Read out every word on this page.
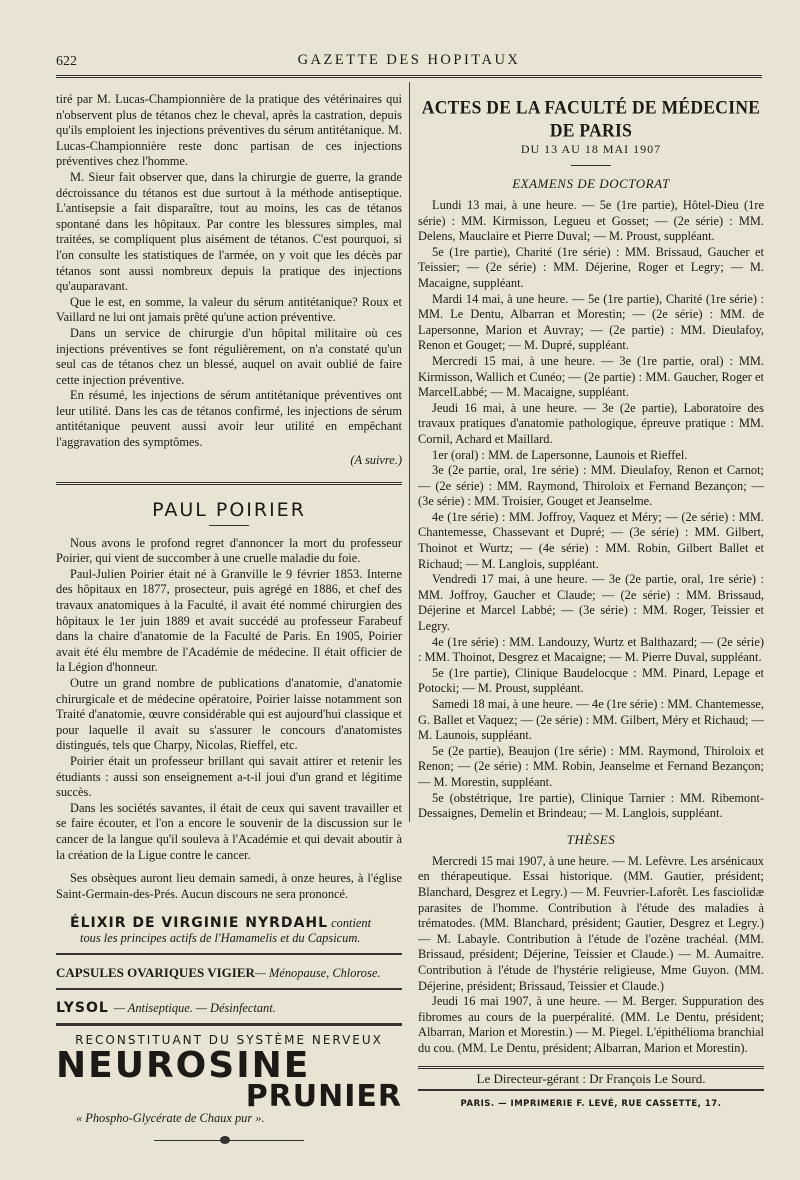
622	GAZETTE DES HOPITAUX

tiré par M. Lucas-Championnière de la pratique des vétérinaires qui n'observent plus de tétanos chez le cheval, après la castration, depuis qu'ils emploient les injections préventives du sérum antitétanique. M. Lucas-Championnière reste donc partisan de ces injections préventives chez l'homme.

M. Sieur fait observer que, dans la chirurgie de guerre, la grande décroissance du tétanos est due surtout à la méthode antiseptique. L'antisepsie a fait disparaître, tout au moins, les cas de tétanos spontané dans les hôpitaux. Par contre les blessures simples, mal traitées, se compliquent plus aisément de tétanos. C'est pourquoi, si l'on consulte les statistiques de l'armée, on y voit que les décès par tétanos sont aussi nombreux depuis la pratique des injections qu'auparavant.

Que le est, en somme, la valeur du sérum antitétanique? Roux et Vaillard ne lui ont jamais prêté qu'une action préventive.

Dans un service de chirurgie d'un hôpital militaire où ces injections préventives se font régulièrement, on n'a constaté qu'un seul cas de tétanos chez un blessé, auquel on avait oublié de faire cette injection préventive.

En résumé, les injections de sérum antitétanique préventives ont leur utilité. Dans les cas de tétanos confirmé, les injections de sérum antitétanique peuvent aussi avoir leur utilité en empêchant l'aggravation des symptômes.

(A suivre.)
PAUL POIRIER

Nous avons le profond regret d'annoncer la mort du professeur Poirier, qui vient de succomber à une cruelle maladie du foie.

Paul-Julien Poirier était né à Granville le 9 février 1853. Interne des hôpitaux en 1877, prosecteur, puis agrégé en 1886, et chef des travaux anatomiques à la Faculté, il avait été nommé chirurgien des hôpitaux le 1er juin 1889 et avait succédé au professeur Farabeuf dans la chaire d'anatomie de la Faculté de Paris. En 1905, Poirier avait été élu membre de l'Académie de médecine. Il était officier de la Légion d'honneur.

Outre un grand nombre de publications d'anatomie, d'anatomie chirurgicale et de médecine opératoire, Poirier laisse notamment son Traité d'anatomie, œuvre considérable qui est aujourd'hui classique et pour laquelle il avait su s'assurer le concours d'anatomistes distingués, tels que Charpy, Nicolas, Rieffel, etc.

Poirier était un professeur brillant qui savait attirer et retenir les étudiants : aussi son enseignement a-t-il joui d'un grand et légitime succès.

Dans les sociétés savantes, il était de ceux qui savent travailler et se faire écouter, et l'on a encore le souvenir de la discussion sur le cancer de la langue qu'il souleva à l'Académie et qui devait aboutir à la création de la Ligue contre le cancer.

Ses obsèques auront lieu demain samedi, à onze heures, à l'église Saint-Germain-des-Prés. Aucun discours ne sera prononcé.

ÉLIXIR DE VIRGINIE NYRDAHL contient
tous les principes actifs de l'Hamamelis et du Capsicum.
CAPSULES OVARIQUES VIGIER— Ménopause, Chlorose.
LYSOL — Antiseptique. — Désinfectant.
RECONSTITUANT DU SYSTÈME NERVEUX
NEUROSINE
PRUNIER
« Phospho-Glycérate de Chaux pur ».
ACTES DE LA FACULTÉ DE MÉDECINE DE PARIS
DU 13 AU 18 MAI 1907
EXAMENS DE DOCTORAT

Lundi 13 mai, à une heure. — 5e (1re partie), Hôtel-Dieu (1re série) : MM. Kirmisson, Legueu et Gosset; — (2e série) : MM. Delens, Mauclaire et Pierre Duval; — M. Proust, suppléant.

5e (1re partie), Charité (1re série) : MM. Brissaud, Gaucher et Teissier; — (2e série) : MM. Déjerine, Roger et Legry; — M. Macaigne, suppléant.

Mardi 14 mai, à une heure. — 5e (1re partie), Charité (1re série) : MM. Le Dentu, Albarran et Morestin; — (2e série) : MM. de Lapersonne, Marion et Auvray; — (2e partie) : MM. Dieulafoy, Renon et Gouget; — M. Dupré, suppléant.

Mercredi 15 mai, à une heure. — 3e (1re partie, oral) : MM. Kirmisson, Wallich et Cunéo; — (2e partie) : MM. Gaucher, Roger et MarcelLabbé; — M. Macaigne, suppléant.

Jeudi 16 mai, à une heure. — 3e (2e partie), Laboratoire des travaux pratiques d'anatomie pathologique, épreuve pratique : MM. Cornil, Achard et Maillard.

1er (oral) : MM. de Lapersonne, Launois et Rieffel.

3e (2e partie, oral, 1re série) : MM. Dieulafoy, Renon et Carnot; — (2e série) : MM. Raymond, Thiroloix et Fernand Bezançon; — (3e série) : MM. Troisier, Gouget et Jeanselme.

4e (1re série) : MM. Joffroy, Vaquez et Méry; — (2e série) : MM. Chantemesse, Chassevant et Dupré; — (3e série) : MM. Gilbert, Thoinot et Wurtz; — (4e série) : MM. Robin, Gilbert Ballet et Richaud; — M. Langlois, suppléant.

Vendredi 17 mai, à une heure. — 3e (2e partie, oral, 1re série) : MM. Joffroy, Gaucher et Claude; — (2e série) : MM. Brissaud, Déjerine et Marcel Labbé; — (3e série) : MM. Roger, Teissier et Legry.

4e (1re série) : MM. Landouzy, Wurtz et Balthazard; — (2e série) : MM. Thoinot, Desgrez et Macaigne; — M. Pierre Duval, suppléant.

5e (1re partie), Clinique Baudelocque : MM. Pinard, Lepage et Potocki; — M. Proust, suppléant.

Samedi 18 mai, à une heure. — 4e (1re série) : MM. Chantemesse, G. Ballet et Vaquez; — (2e série) : MM. Gilbert, Méry et Richaud; — M. Launois, suppléant.

5e (2e partie), Beaujon (1re série) : MM. Raymond, Thiroloix et Renon; — (2e série) : MM. Robin, Jeanselme et Fernand Bezançon; — M. Morestin, suppléant.

5e (obstétrique, 1re partie), Clinique Tarnier : MM. Ribemont-Dessaignes, Demelin et Brindeau; — M. Langlois, suppléant.

THÈSES

Mercredi 15 mai 1907, à une heure. — M. Lefèvre. Les arsénicaux en thérapeutique. Essai historique. (MM. Gautier, président; Blanchard, Desgrez et Legry.) — M. Feuvrier-Laforêt. Les fasciolidæ parasites de l'homme. Contribution à l'étude des maladies à trématodes. (MM. Blanchard, président; Gautier, Desgrez et Legry.) — M. Labayle. Contribution à l'étude de l'ozène trachéal. (MM. Brissaud, président; Déjerine, Teissier et Claude.) — M. Aumaitre. Contribution à l'étude de l'hystérie religieuse, Mme Guyon. (MM. Déjerine, président; Brissaud, Teissier et Claude.)

Jeudi 16 mai 1907, à une heure. — M. Berger. Suppuration des fibromes au cours de la puerpéralité. (MM. Le Dentu, président; Albarran, Marion et Morestin.) — M. Piegel. L'épithélioma branchial du cou. (MM. Le Dentu, président; Albarran, Marion et Morestin).

Le Directeur-gérant : Dr François Le Sourd.
PARIS. — IMPRIMERIE F. LEVÉ, RUE CASSETTE, 17.
